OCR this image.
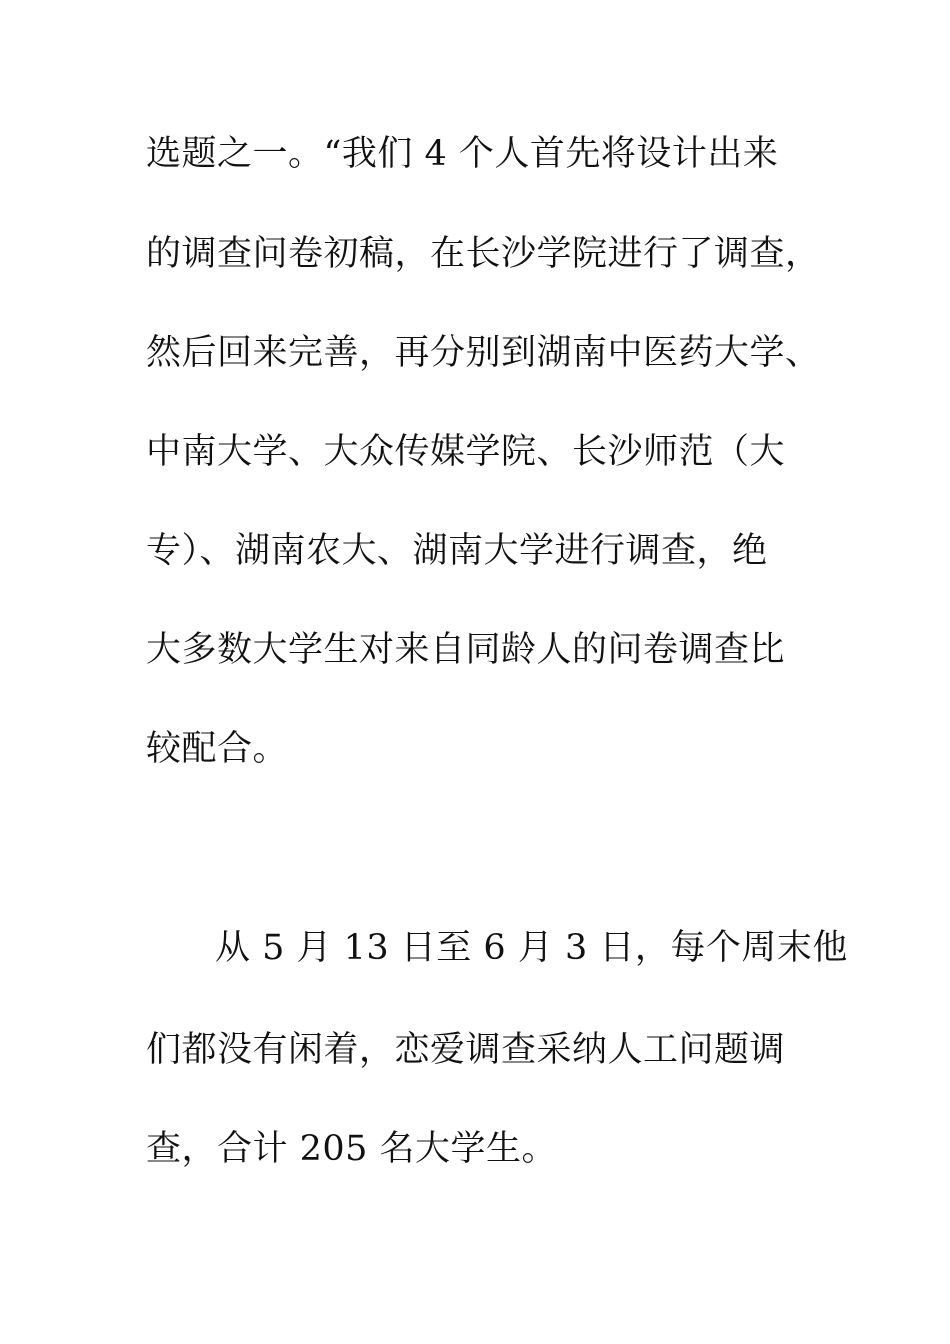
选题之一。“我们 4 个人首先将设计出来
的调查问卷初稿，在长沙学院进行了调查，
然后回来完善，再分别到湖南中医药大学、
中南大学、大众传媒学院、长沙师范（大
专）、湖南农大、湖南大学进行调查，绝
大多数大学生对来自同龄人的问卷调查比
较配合。
从 5 月 13 日至 6 月 3 日，每个周末他
们都没有闲着，恋爱调查采纳人工问题调
查，合计 205 名大学生。
